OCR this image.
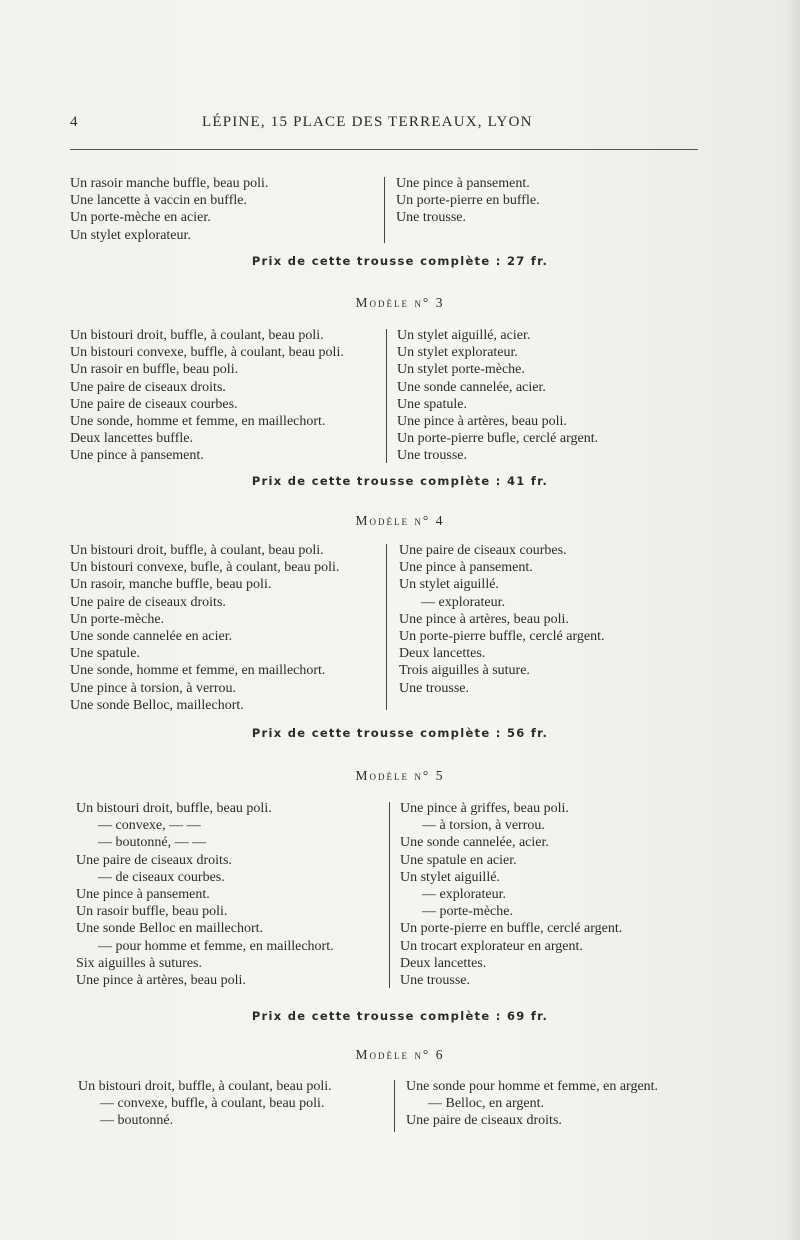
4	LÉPINE, 15 PLACE DES TERREAUX, LYON
Un rasoir manche buffle, beau poli.
Une lancette à vaccin en buffle.
Un porte-mèche en acier.
Un stylet explorateur.
Une pince à pansement.
Un porte-pierre en buffle.
Une trousse.
Prix de cette trousse complète : 27 fr.
Modèle n° 3
Un bistouri droit, buffle, à coulant, beau poli.
Un bistouri convexe, buffle, à coulant, beau poli.
Un rasoir en buffle, beau poli.
Une paire de ciseaux droits.
Une paire de ciseaux courbes.
Une sonde, homme et femme, en maillechort.
Deux lancettes buffle.
Une pince à pansement.
Un stylet aiguillé, acier.
Un stylet explorateur.
Un stylet porte-mèche.
Une sonde cannelée, acier.
Une spatule.
Une pince à artères, beau poli.
Un porte-pierre bufle, cerclé argent.
Une trousse.
Prix de cette trousse complète : 41 fr.
Modèle n° 4
Un bistouri droit, buffle, à coulant, beau poli.
Un bistouri convexe, bufle, à coulant, beau poli.
Un rasoir, manche buffle, beau poli.
Une paire de ciseaux droits.
Un porte-mèche.
Une sonde cannelée en acier.
Une spatule.
Une sonde, homme et femme, en maillechort.
Une pince à torsion, à verrou.
Une sonde Belloc, maillechort.
Une paire de ciseaux courbes.
Une pince à pansement.
Un stylet aiguillé.
— explorateur.
Une pince à artères, beau poli.
Un porte-pierre buffle, cerclé argent.
Deux lancettes.
Trois aiguilles à suture.
Une trousse.
Prix de cette trousse complète : 56 fr.
Modèle n° 5
Un bistouri droit, buffle, beau poli.
— convexe, — —
— boutonné, — —
Une paire de ciseaux droits.
— de ciseaux courbes.
Une pince à pansement.
Un rasoir buffle, beau poli.
Une sonde Belloc en maillechort.
— pour homme et femme, en maillechort.
Six aiguilles à sutures.
Une pince à artères, beau poli.
Une pince à griffes, beau poli.
— à torsion, à verrou.
Une sonde cannelée, acier.
Une spatule en acier.
Un stylet aiguillé.
— explorateur.
— porte-mèche.
Un porte-pierre en buffle, cerclé argent.
Un trocart explorateur en argent.
Deux lancettes.
Une trousse.
Prix de cette trousse complète : 69 fr.
Modèle n° 6
Un bistouri droit, buffle, à coulant, beau poli.
— convexe, buffle, à coulant, beau poli.
— boutonné.
Une sonde pour homme et femme, en argent.
— Belloc, en argent.
Une paire de ciseaux droits.
